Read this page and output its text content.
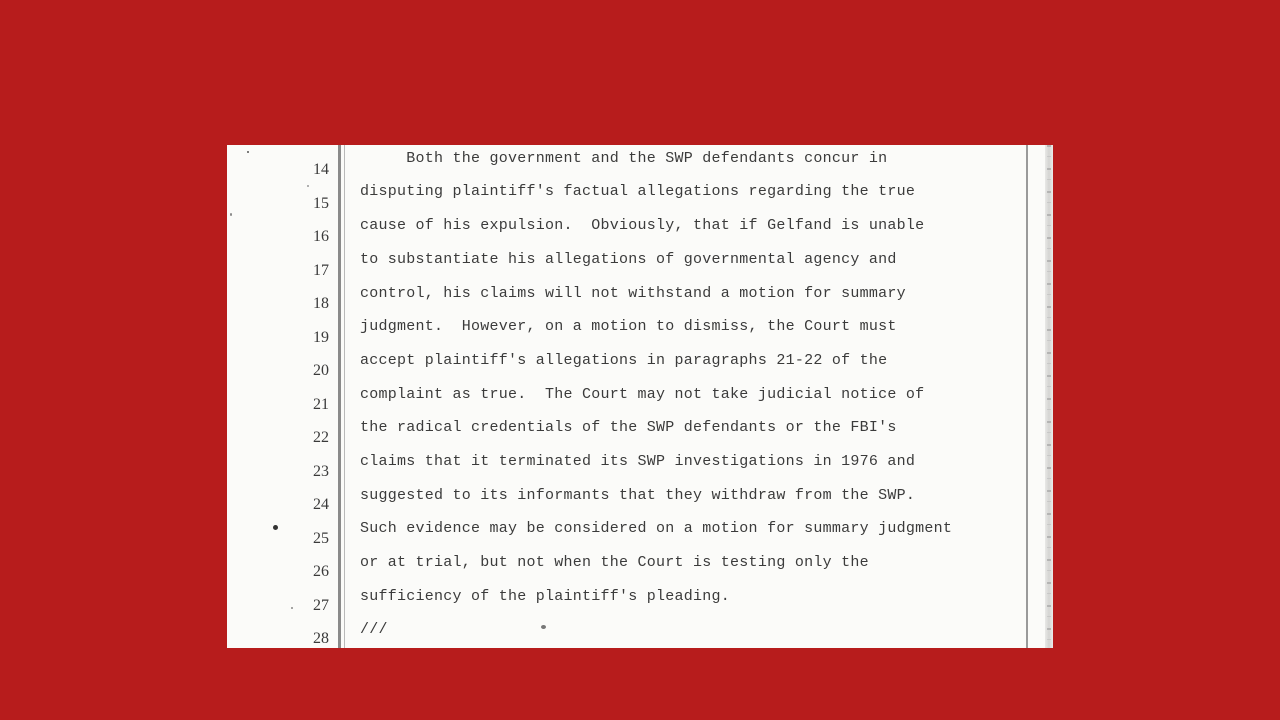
14
15
16
17
18
19
20
21
22
23
24
25
26
27
28
Both the government and the SWP defendants concur in
disputing plaintiff's factual allegations regarding the true
cause of his expulsion.  Obviously, that if Gelfand is unable
to substantiate his allegations of governmental agency and
control, his claims will not withstand a motion for summary
judgment.  However, on a motion to dismiss, the Court must
accept plaintiff's allegations in paragraphs 21-22 of the
complaint as true.  The Court may not take judicial notice of
the radical credentials of the SWP defendants or the FBI's
claims that it terminated its SWP investigations in 1976 and
suggested to its informants that they withdraw from the SWP.
Such evidence may be considered on a motion for summary judgment
or at trial, but not when the Court is testing only the
sufficiency of the plaintiff's pleading.
///
